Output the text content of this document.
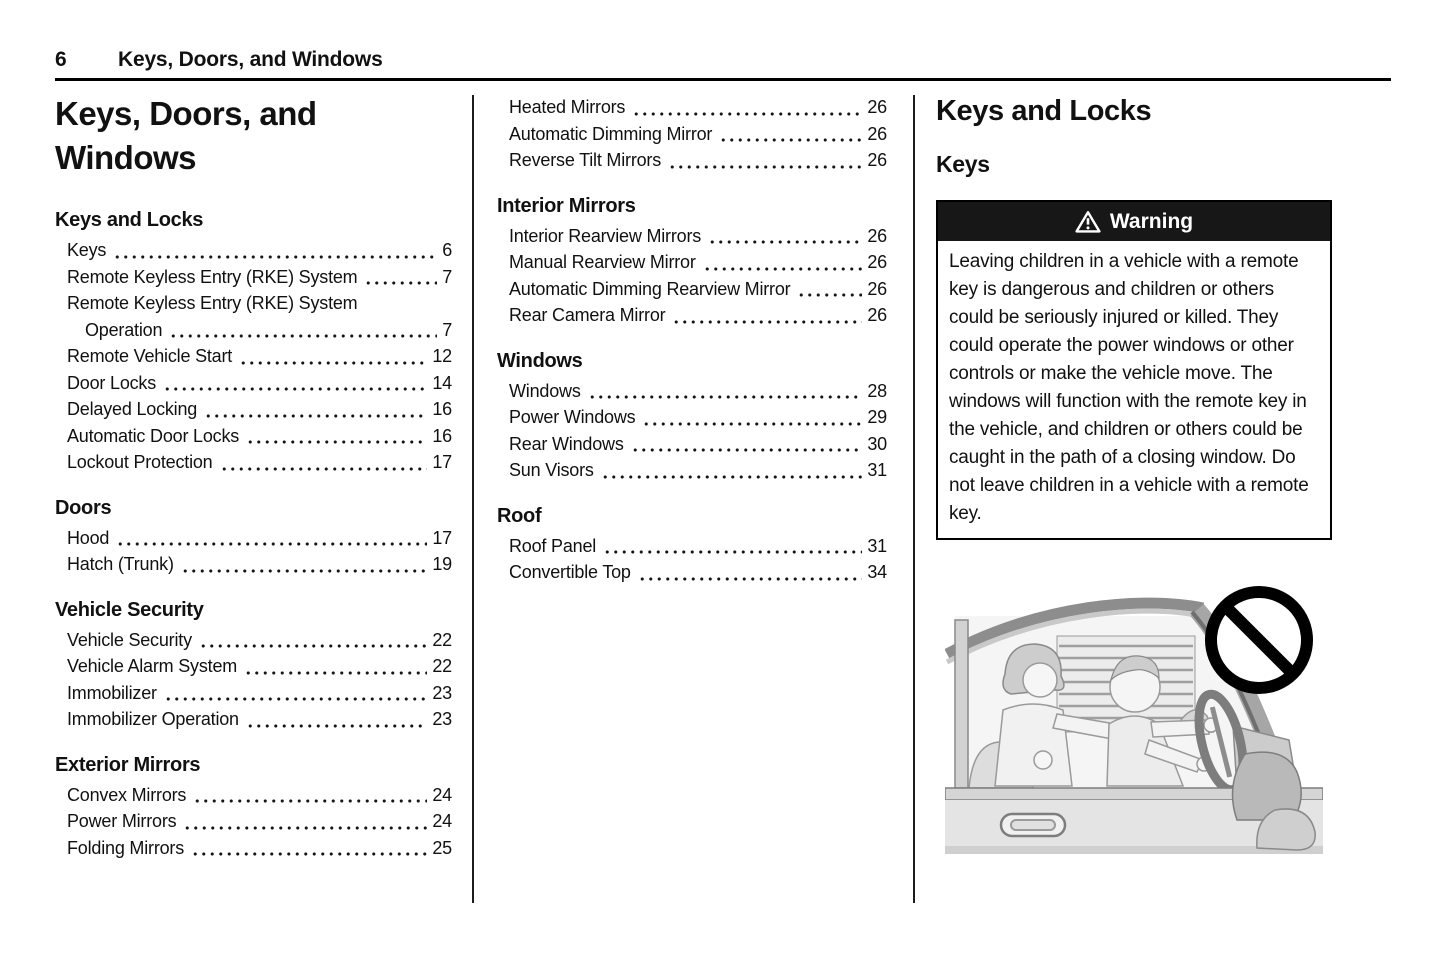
6	Keys, Doors, and Windows
Keys, Doors, and Windows
Keys and Locks
Keys	6
Remote Keyless Entry (RKE) System	7
Remote Keyless Entry (RKE) System
Operation	7
Remote Vehicle Start	12
Door Locks	14
Delayed Locking	16
Automatic Door Locks	16
Lockout Protection	17
Doors
Hood	17
Hatch (Trunk)	19
Vehicle Security
Vehicle Security	22
Vehicle Alarm System	22
Immobilizer	23
Immobilizer Operation	23
Exterior Mirrors
Convex Mirrors	24
Power Mirrors	24
Folding Mirrors	25
Heated Mirrors	26
Automatic Dimming Mirror	26
Reverse Tilt Mirrors	26
Interior Mirrors
Interior Rearview Mirrors	26
Manual Rearview Mirror	26
Automatic Dimming Rearview Mirror	26
Rear Camera Mirror	26
Windows
Windows	28
Power Windows	29
Rear Windows	30
Sun Visors	31
Roof
Roof Panel	31
Convertible Top	34
Keys and Locks
Keys
Warning
Leaving children in a vehicle with a remote key is dangerous and children or others could be seriously injured or killed. They could operate the power windows or other controls or make the vehicle move. The windows will function with the remote key in the vehicle, and children or others could be caught in the path of a closing window. Do not leave children in a vehicle with a remote key.
